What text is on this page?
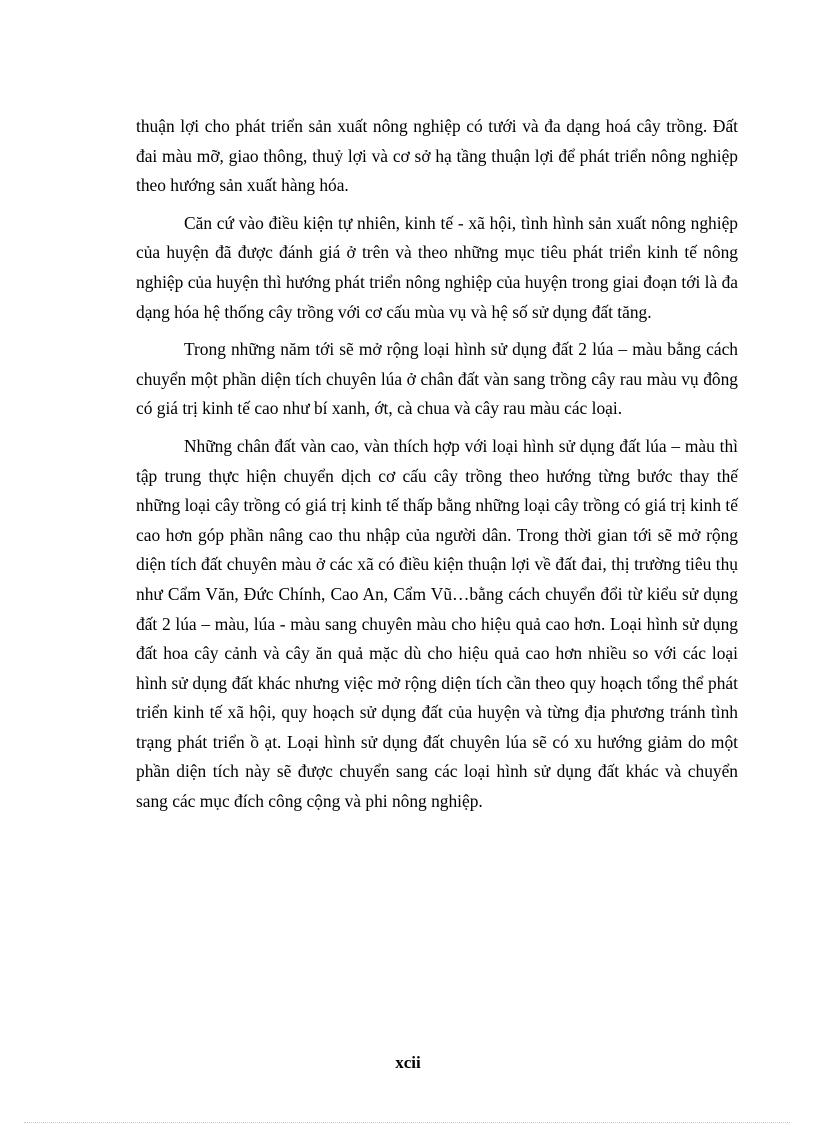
thuận lợi cho phát triển sản xuất nông nghiệp có tưới và đa dạng hoá cây trồng. Đất đai màu mỡ, giao thông, thuỷ lợi và cơ sở hạ tầng thuận lợi để phát triển nông nghiệp theo hướng sản xuất hàng hóa.

Căn cứ vào điều kiện tự nhiên, kinh tế - xã hội, tình hình sản xuất nông nghiệp của huyện đã được đánh giá ở trên và theo những mục tiêu phát triển kinh tế nông nghiệp của huyện thì hướng phát triển nông nghiệp của huyện trong giai đoạn tới là đa dạng hóa hệ thống cây trồng với cơ cấu mùa vụ và hệ số sử dụng đất tăng.

Trong những năm tới sẽ mở rộng loại hình sử dụng đất 2 lúa – màu bằng cách chuyển một phần diện tích chuyên lúa ở chân đất vàn sang trồng cây rau màu vụ đông có giá trị kinh tế cao như bí xanh, ớt, cà chua và cây rau màu các loại.

Những chân đất vàn cao, vàn thích hợp với loại hình sử dụng đất lúa – màu thì tập trung thực hiện chuyển dịch cơ cấu cây trồng theo hướng từng bước thay thế những loại cây trồng có giá trị kinh tế thấp bằng những loại cây trồng có giá trị kinh tế cao hơn góp phần nâng cao thu nhập của người dân. Trong thời gian tới sẽ mở rộng diện tích đất chuyên màu ở các xã có điều kiện thuận lợi về đất đai, thị trường tiêu thụ như Cẩm Văn, Đức Chính, Cao An, Cẩm Vũ…bằng cách chuyển đổi từ kiểu sử dụng đất 2 lúa – màu, lúa - màu sang chuyên màu cho hiệu quả cao hơn. Loại hình sử dụng đất hoa cây cảnh và cây ăn quả mặc dù cho hiệu quả cao hơn nhiều so với các loại hình sử dụng đất khác nhưng việc mở rộng diện tích cần theo quy hoạch tổng thể phát triển kinh tế xã hội, quy hoạch sử dụng đất của huyện và từng địa phương tránh tình trạng phát triển ồ ạt. Loại hình sử dụng đất chuyên lúa sẽ có xu hướng giảm do một phần diện tích này sẽ được chuyển sang các loại hình sử dụng đất khác và chuyển sang các mục đích công cộng và phi nông nghiệp.

xcii
